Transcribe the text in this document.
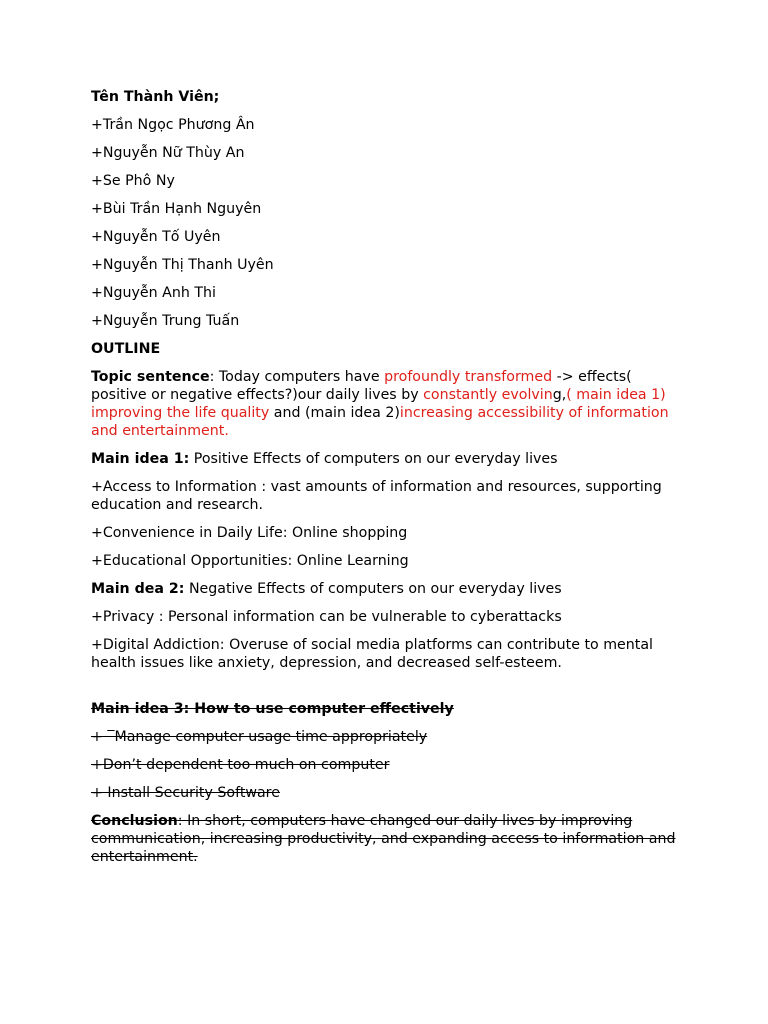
Tên Thành Viên;

+Trần Ngọc Phương Ân

+Nguyễn Nữ Thùy An

+Se Phô Ny

+Bùi Trần Hạnh Nguyên

+Nguyễn Tố Uyên

+Nguyễn Thị Thanh Uyên

+Nguyễn Anh Thi

+Nguyễn Trung Tuấn

OUTLINE

Topic sentence: Today computers have profoundly transformed -> effects( positive or negative effects?)our daily lives by constantly evolving,( main idea 1) improving the life quality and (main idea 2)increasing accessibility of information and entertainment.

Main idea 1: Positive Effects of computers on our everyday lives

+Access to Information : vast amounts of information and resources, supporting education and research.

+Convenience in Daily Life: Online shopping

+Educational Opportunities: Online Learning

Main dea 2: Negative Effects of computers on our everyday lives

+Privacy : Personal information can be vulnerable to cyberattacks

+Digital Addiction: Overuse of social media platforms can contribute to mental health issues like anxiety, depression, and decreased self-esteem.

Main idea 3: How to use computer effectively

+ ‾Manage computer usage time appropriately

+Don’t dependent too much on computer

+ Install Security Software

Conclusion: In short, computers have changed our daily lives by improving communication, increasing productivity, and expanding access to information and entertainment.
